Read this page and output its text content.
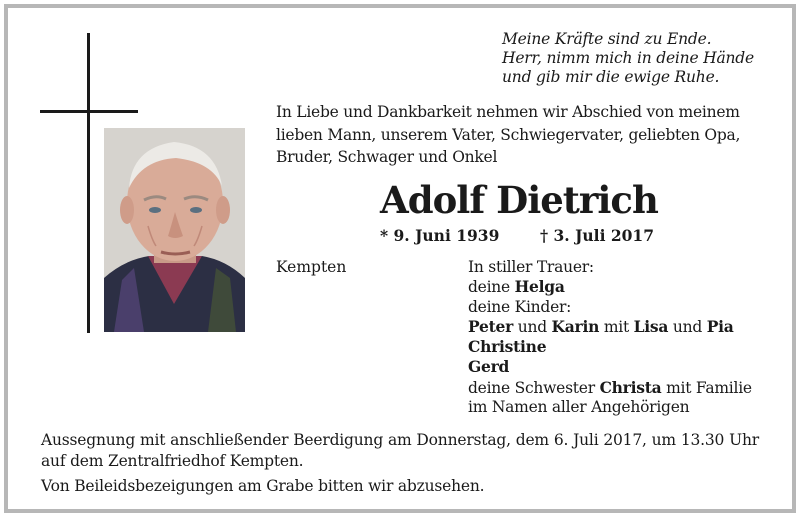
Meine Kräfte sind zu Ende.
Herr, nimm mich in deine Hände
und gib mir die ewige Ruhe.
In Liebe und Dankbarkeit nehmen wir Abschied von meinem
lieben Mann, unserem Vater, Schwiegervater, geliebten Opa,
Bruder, Schwager und Onkel
Adolf Dietrich
* 9. Juni 1939	† 3. Juli 2017
Kempten	In stiller Trauer:
deine Helga
deine Kinder:
Peter und Karin mit Lisa und Pia
Christine
Gerd
deine Schwester Christa mit Familie
im Namen aller Angehörigen
Aussegnung mit anschließender Beerdigung am Donnerstag, dem 6. Juli 2017, um 13.30 Uhr auf dem Zentralfriedhof Kempten.
Von Beileidsbezeigungen am Grabe bitten wir abzusehen.
